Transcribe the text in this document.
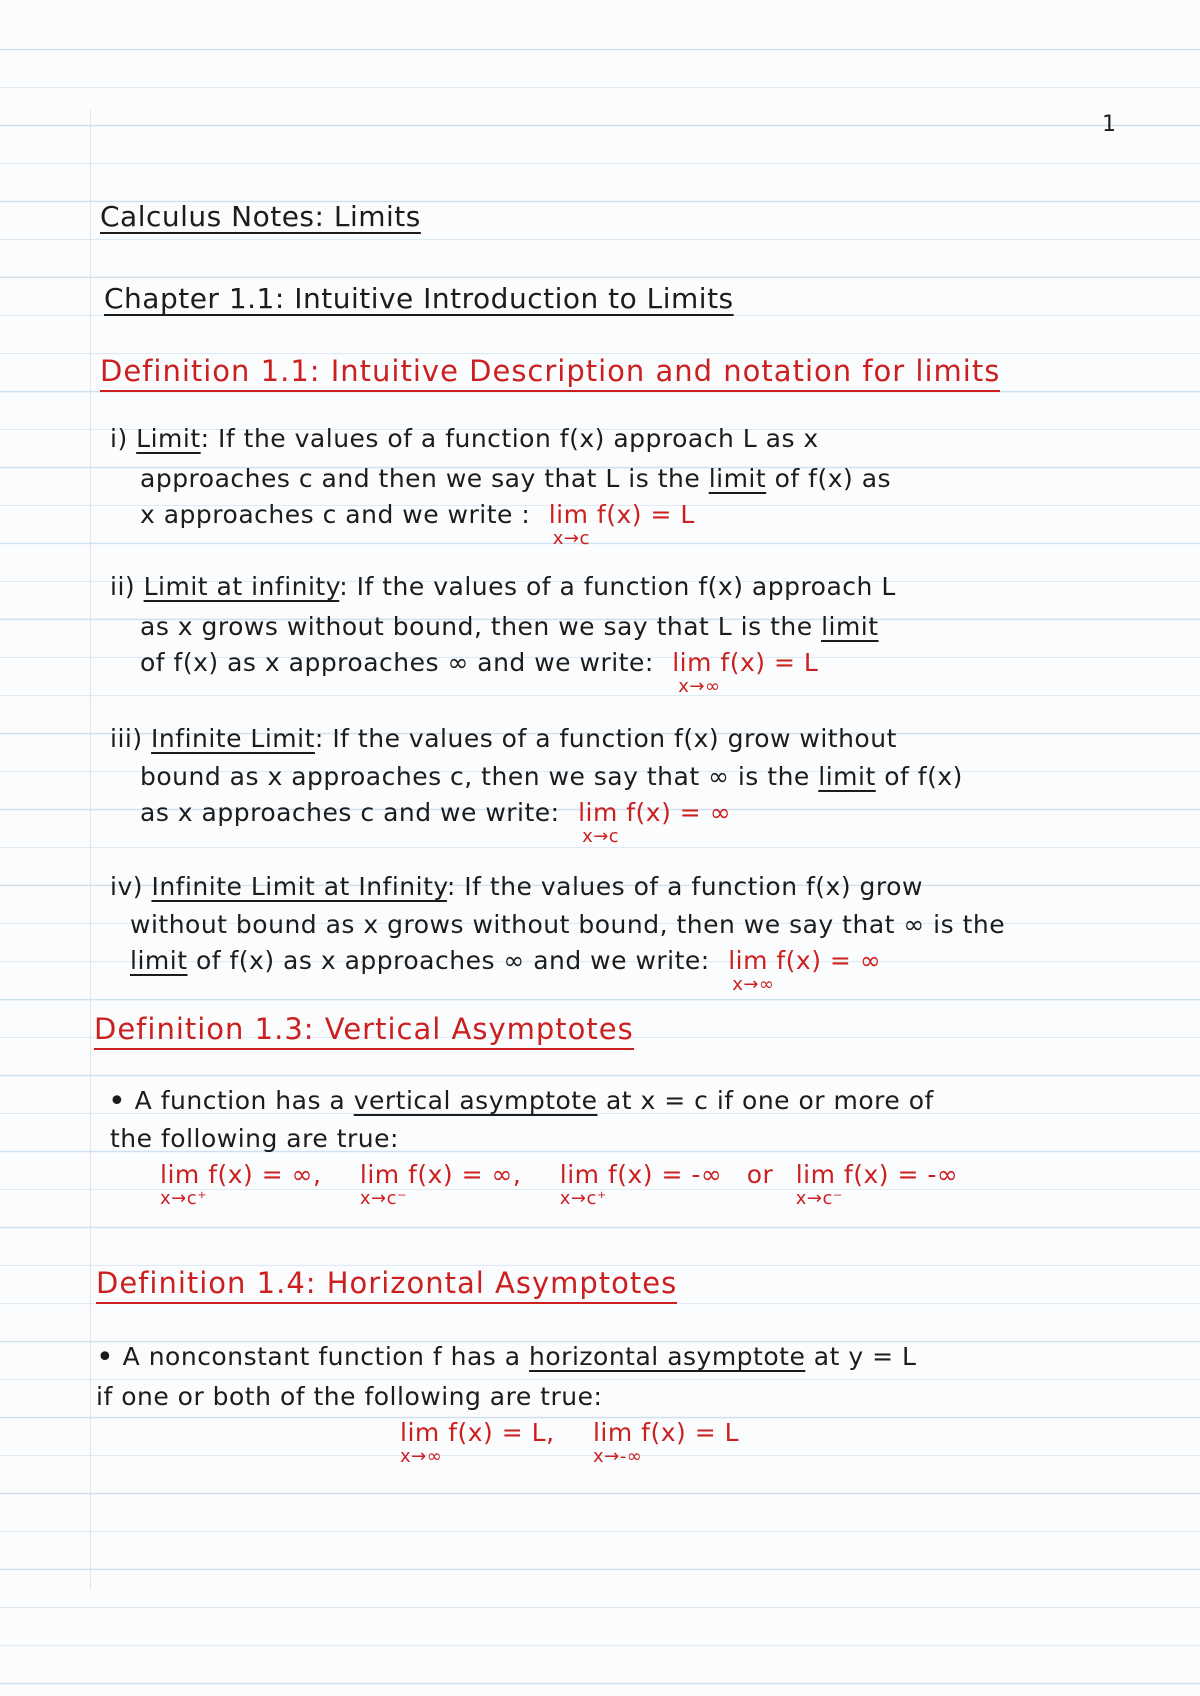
1
Calculus Notes: Limits
Chapter 1.1: Intuitive Introduction to Limits
Definition 1.1: Intuitive Description and notation for limits
i) Limit: If the values of a function f(x) approach L as x
approaches c and then we say that L is the limit of f(x) as
x approaches c and we write : lim f(x) = L
x→c
ii) Limit at infinity: If the values of a function f(x) approach L
as x grows without bound, then we say that L is the limit
of f(x) as x approaches ∞ and we write: lim f(x) = L
x→∞
iii) Infinite Limit: If the values of a function f(x) grow without
bound as x approaches c, then we say that ∞ is the limit of f(x)
as x approaches c and we write: lim f(x) = ∞
x→c
iv) Infinite Limit at Infinity: If the values of a function f(x) grow
without bound as x grows without bound, then we say that ∞ is the
limit of f(x) as x approaches ∞ and we write: lim f(x) = ∞
x→∞
Definition 1.3: Vertical Asymptotes
• A function has a vertical asymptote at x = c if one or more of
the following are true:
lim f(x) = ∞
x→c⁺
, lim f(x) = ∞
x→c⁻
, lim f(x) = -∞
x→c⁺
or lim f(x) = -∞
x→c⁻
Definition 1.4: Horizontal Asymptotes
• A nonconstant function f has a horizontal asymptote at y = L
if one or both of the following are true:
lim f(x) = L
x→∞
, lim f(x) = L
x→-∞
